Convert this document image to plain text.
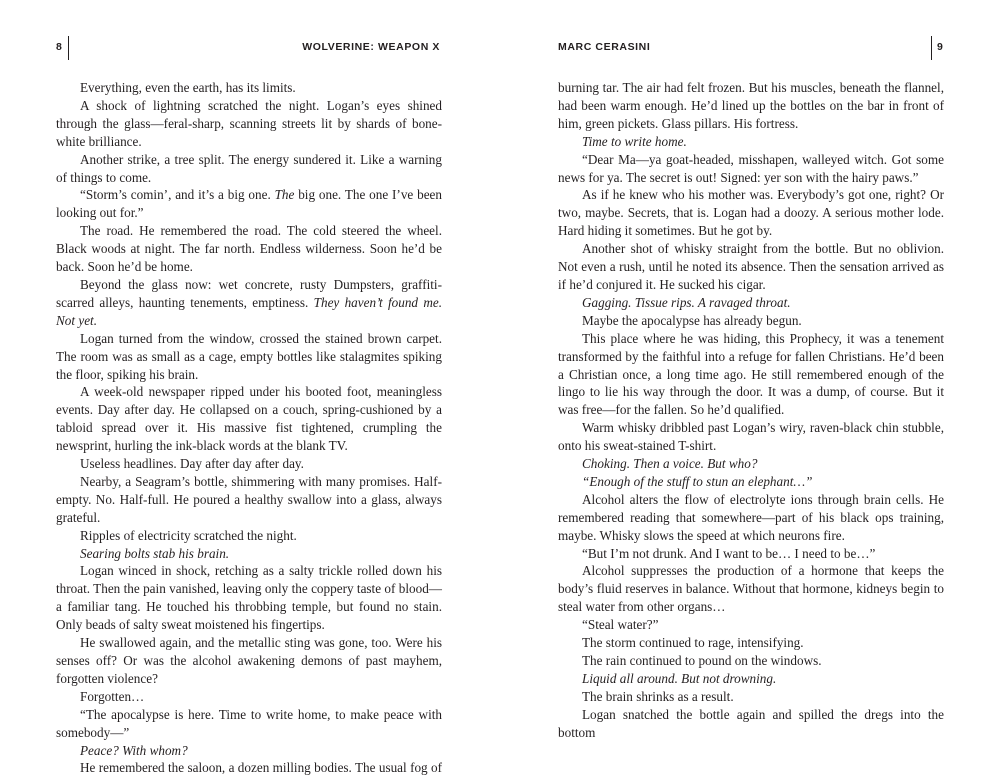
8	WOLVERINE: WEAPON X

Everything, even the earth, has its limits.

A shock of lightning scratched the night. Logan’s eyes shined through the glass—feral-sharp, scanning streets lit by shards of bone-white brilliance.

Another strike, a tree split. The energy sundered it. Like a warning of things to come.

“Storm’s comin’, and it’s a big one. The big one. The one I’ve been looking out for.”

The road. He remembered the road. The cold steered the wheel. Black woods at night. The far north. Endless wilderness. Soon he’d be back. Soon he’d be home.

Beyond the glass now: wet concrete, rusty Dumpsters, graffiti-scarred alleys, haunting tenements, emptiness. They haven’t found me. Not yet.

Logan turned from the window, crossed the stained brown carpet. The room was as small as a cage, empty bottles like stalagmites spiking the floor, spiking his brain.

A week-old newspaper ripped under his booted foot, meaningless events. Day after day. He collapsed on a couch, spring-cushioned by a tabloid spread over it. His massive fist tightened, crumpling the newsprint, hurling the ink-black words at the blank TV.

Useless headlines. Day after day after day.

Nearby, a Seagram’s bottle, shimmering with many promises. Half-empty. No. Half-full. He poured a healthy swallow into a glass, always grateful.

Ripples of electricity scratched the night.

Searing bolts stab his brain.

Logan winced in shock, retching as a salty trickle rolled down his throat. Then the pain vanished, leaving only the coppery taste of blood—a familiar tang. He touched his throbbing temple, but found no stain. Only beads of salty sweat moistened his fingertips.

He swallowed again, and the metallic sting was gone, too. Were his senses off? Or was the alcohol awakening demons of past mayhem, forgotten violence?

Forgotten…

“The apocalypse is here. Time to write home, to make peace with somebody—”

Peace? With whom?

He remembered the saloon, a dozen milling bodies. The usual fog of

MARC CERASINI	9

burning tar. The air had felt frozen. But his muscles, beneath the flannel, had been warm enough. He’d lined up the bottles on the bar in front of him, green pickets. Glass pillars. His fortress.

Time to write home.

“Dear Ma—ya goat-headed, misshapen, walleyed witch. Got some news for ya. The secret is out! Signed: yer son with the hairy paws.”

As if he knew who his mother was. Everybody’s got one, right? Or two, maybe. Secrets, that is. Logan had a doozy. A serious mother lode. Hard hiding it sometimes. But he got by.

Another shot of whisky straight from the bottle. But no oblivion. Not even a rush, until he noted its absence. Then the sensation arrived as if he’d conjured it. He sucked his cigar.

Gagging. Tissue rips. A ravaged throat.

Maybe the apocalypse has already begun.

This place where he was hiding, this Prophecy, it was a tenement transformed by the faithful into a refuge for fallen Christians. He’d been a Christian once, a long time ago. He still remembered enough of the lingo to lie his way through the door. It was a dump, of course. But it was free—for the fallen. So he’d qualified.

Warm whisky dribbled past Logan’s wiry, raven-black chin stubble, onto his sweat-stained T-shirt.

Choking. Then a voice. But who?

“Enough of the stuff to stun an elephant…”

Alcohol alters the flow of electrolyte ions through brain cells. He remembered reading that somewhere—part of his black ops training, maybe. Whisky slows the speed at which neurons fire.

“But I’m not drunk. And I want to be… I need to be…”

Alcohol suppresses the production of a hormone that keeps the body’s fluid reserves in balance. Without that hormone, kidneys begin to steal water from other organs…

“Steal water?”

The storm continued to rage, intensifying.

The rain continued to pound on the windows.

Liquid all around. But not drowning.

The brain shrinks as a result.

Logan snatched the bottle again and spilled the dregs into the bottom
